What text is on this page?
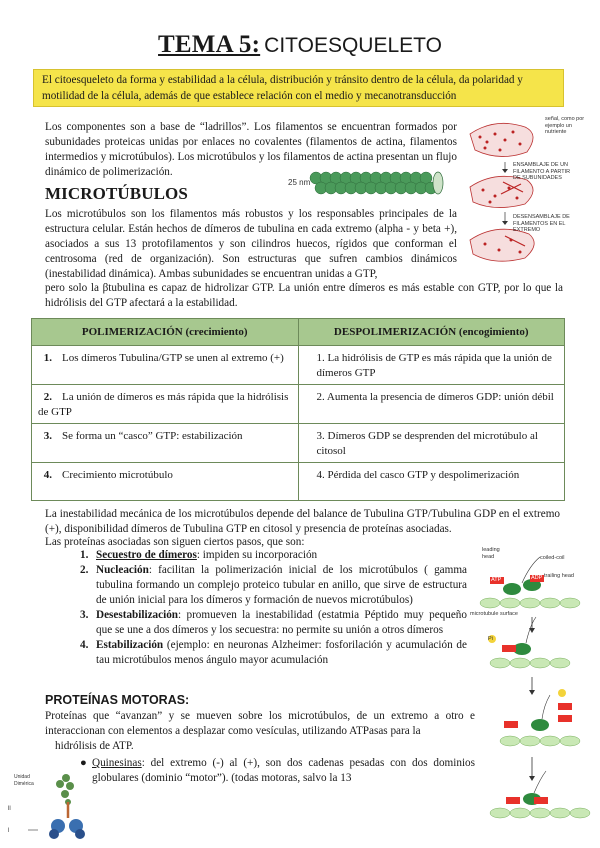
TEMA 5: CITOESQUELETO
El citoesqueleto da forma y estabilidad a la célula, distribución y tránsito dentro de la célula, da polaridad y motilidad de la célula, además de que establece relación con el medio y mecanotransducción
Los componentes son a base de “ladrillos”. Los filamentos se encuentran formados por subunidades proteicas unidas por enlaces no covalentes (filamentos de actina, filamentos intermedios y microtúbulos). Los microtúbulos y los filamentos de actina presentan un flujo dinámico de polimerización.
25 nm
señal, como por ejemplo un nutriente
ENSAMBLAJE DE UN FILAMENTO A PARTIR DE SUBUNIDADES
DESENSAMBLAJE DE FILAMENTOS EN EL EXTREMO
MICROTÚBULOS
Los microtúbulos son los filamentos más robustos y los responsables principales de la estructura celular. Están hechos de dímeros de tubulina en cada extremo (alpha - y beta +), asociados a sus 13 protofilamentos y son cilindros huecos, rígidos que conforman el centrosoma (red de organización). Son estructuras que sufren cambios dinámicos (inestabilidad dinámica). Ambas subunidades se encuentran unidas a GTP,
pero solo la βtubulina es capaz de hidrolizar GTP. La unión entre dímeros es más estable con GTP, por lo que la hidrólisis del GTP afectará a la estabilidad.
POLIMERIZACIÓN (crecimiento)	DESPOLIMERIZACIÓN (encogimiento)
1. Los dímeros Tubulina/GTP se unen al extremo (+)	1. La hidrólisis de GTP es más rápida que la unión de dímeros GTP
2. La unión de dímeros es más rápida que la hidrólisis de GTP	2. Aumenta la presencia de dímeros GDP: unión débil
3. Se forma un “casco” GTP: estabilización	3. Dímeros GDP se desprenden del microtúbulo al citosol
4. Crecimiento microtúbulo	4. Pérdida del casco GTP y despolimerización
La inestabilidad mecánica de los microtúbulos depende del balance de Tubulina GTP/Tubulina GDP en el extremo (+), disponibilidad dímeros de Tubulina GTP en citosol y presencia de proteínas asociadas.
Las proteínas asociadas son siguen ciertos pasos, que son:
1. Secuestro de dímeros: impiden su incorporación
2. Nucleación: facilitan la polimerización inicial de los microtúbulos ( gamma tubulina formando un complejo proteico tubular en anillo, que sirve de estructura de unión inicial para los dímeros y formación de nuevos microtúbulos)
3. Desestabilización: promueven la inestabilidad (estatmia Péptido muy pequeño que se une a dos dímeros y los secuestra: no permite su unión a otros dímeros
4. Estabilización (ejemplo: en neuronas Alzheimer: fosforilación y acumulación de tau microtúbulos menos ángulo mayor acumulación
PROTEÍNAS MOTORAS:
Proteínas que “avanzan” y se mueven sobre los microtúbulos, de un extremo a otro e interaccionan con elementos a desplazar como vesículas, utilizando ATPasas para la
hidrólisis de ATP.
● Quinesinas: del extremo (-) al (+), son dos cadenas pesadas con dos dominios globulares (dominio “motor”). (todas motoras, salvo la 13
Unidad Dimérica
ll
l
leading head	coiled-coil
trailing head
microtubule surface
ATP	ADP
Pi
